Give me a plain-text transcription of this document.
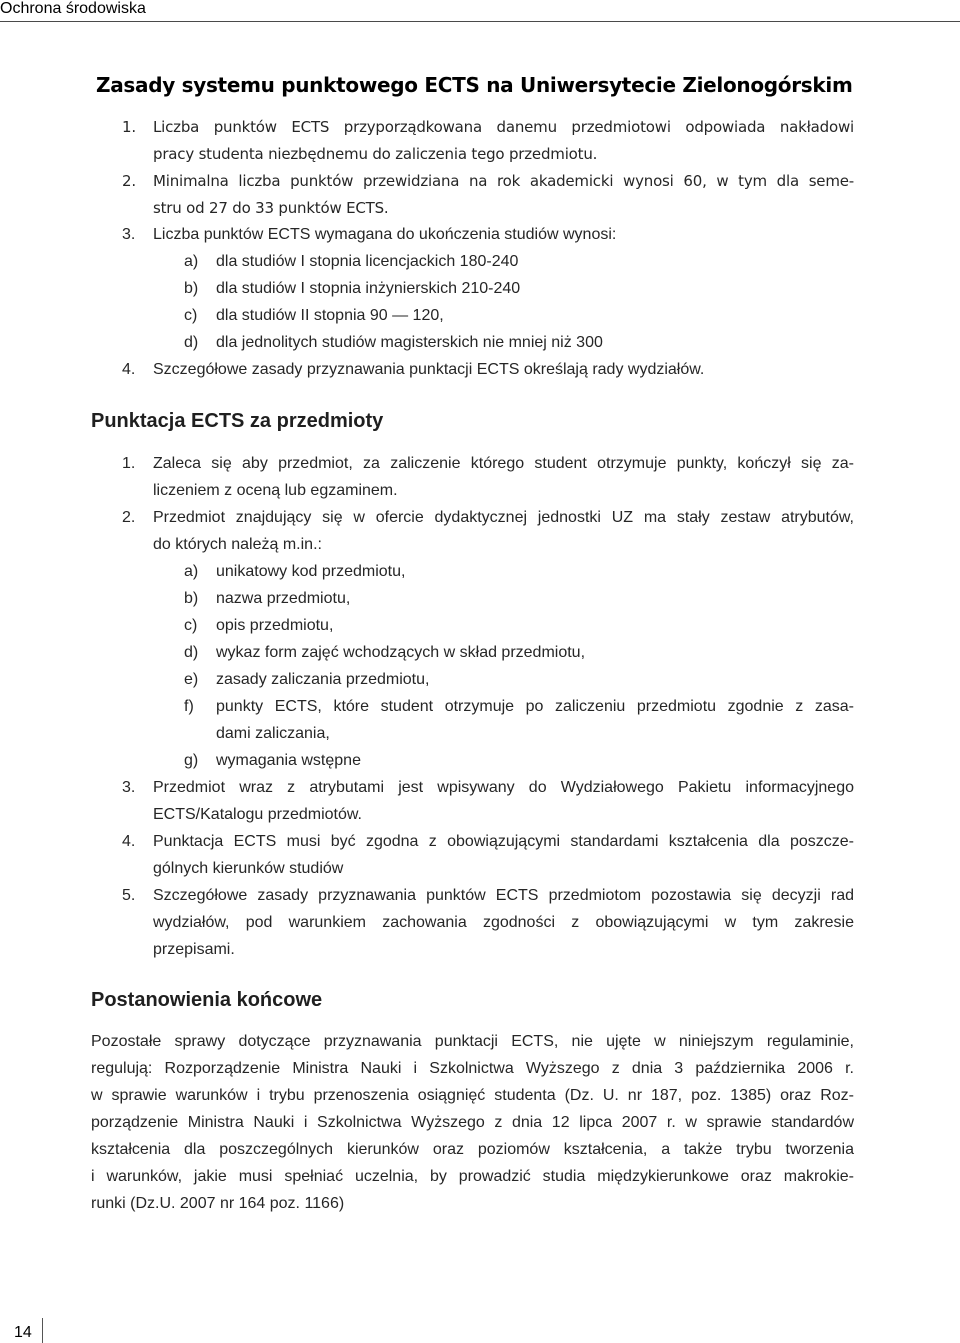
Ochrona środowiska
Zasady systemu punktowego ECTS na Uniwersytecie Zielonogórskim
1. Liczba punktów ECTS przyporządkowana danemu przedmiotowi odpowiada nakładowi
pracy studenta niezbędnemu do zaliczenia tego przedmiotu.
2. Minimalna liczba punktów przewidziana na rok akademicki wynosi 60, w tym dla seme-
stru od 27 do 33 punktów ECTS.
3. Liczba punktów ECTS wymagana do ukończenia studiów wynosi:
a) dla studiów I stopnia licencjackich 180-240
b) dla studiów I stopnia inżynierskich 210-240
c) dla studiów II stopnia 90 — 120,
d) dla jednolitych studiów magisterskich nie mniej niż 300
4. Szczegółowe zasady przyznawania punktacji ECTS określają rady wydziałów.
Punktacja ECTS za przedmioty
1. Zaleca się aby przedmiot, za zaliczenie którego student otrzymuje punkty, kończył się za-
liczeniem z oceną lub egzaminem.
2. Przedmiot znajdujący się w ofercie dydaktycznej jednostki UZ ma stały zestaw atrybutów,
do których należą m.in.:
a) unikatowy kod przedmiotu,
b) nazwa przedmiotu,
c) opis przedmiotu,
d) wykaz form zajęć wchodzących w skład przedmiotu,
e) zasady zaliczania przedmiotu,
f) punkty ECTS, które student otrzymuje po zaliczeniu przedmiotu zgodnie z zasa-
dami zaliczania,
g) wymagania wstępne
3. Przedmiot wraz z atrybutami jest wpisywany do Wydziałowego Pakietu informacyjnego
ECTS/Katalogu przedmiotów.
4. Punktacja ECTS musi być zgodna z obowiązującymi standardami kształcenia dla poszcze-
gólnych kierunków studiów
5. Szczegółowe zasady przyznawania punktów ECTS przedmiotom pozostawia się decyzji rad
wydziałów, pod warunkiem zachowania zgodności z obowiązującymi w tym zakresie
przepisami.
Postanowienia końcowe
Pozostałe sprawy dotyczące przyznawania punktacji ECTS, nie ujęte w niniejszym regulaminie,
regulują: Rozporządzenie Ministra Nauki i Szkolnictwa Wyższego z dnia 3 października 2006 r.
w sprawie warunków i trybu przenoszenia osiągnięć studenta (Dz. U. nr 187, poz. 1385) oraz Roz-
porządzenie Ministra Nauki i Szkolnictwa Wyższego z dnia 12 lipca 2007 r. w sprawie standardów
kształcenia dla poszczególnych kierunków oraz poziomów kształcenia, a także trybu tworzenia
i warunków, jakie musi spełniać uczelnia, by prowadzić studia międzykierunkowe oraz makrokie-
runki (Dz.U. 2007 nr 164 poz. 1166)
14
